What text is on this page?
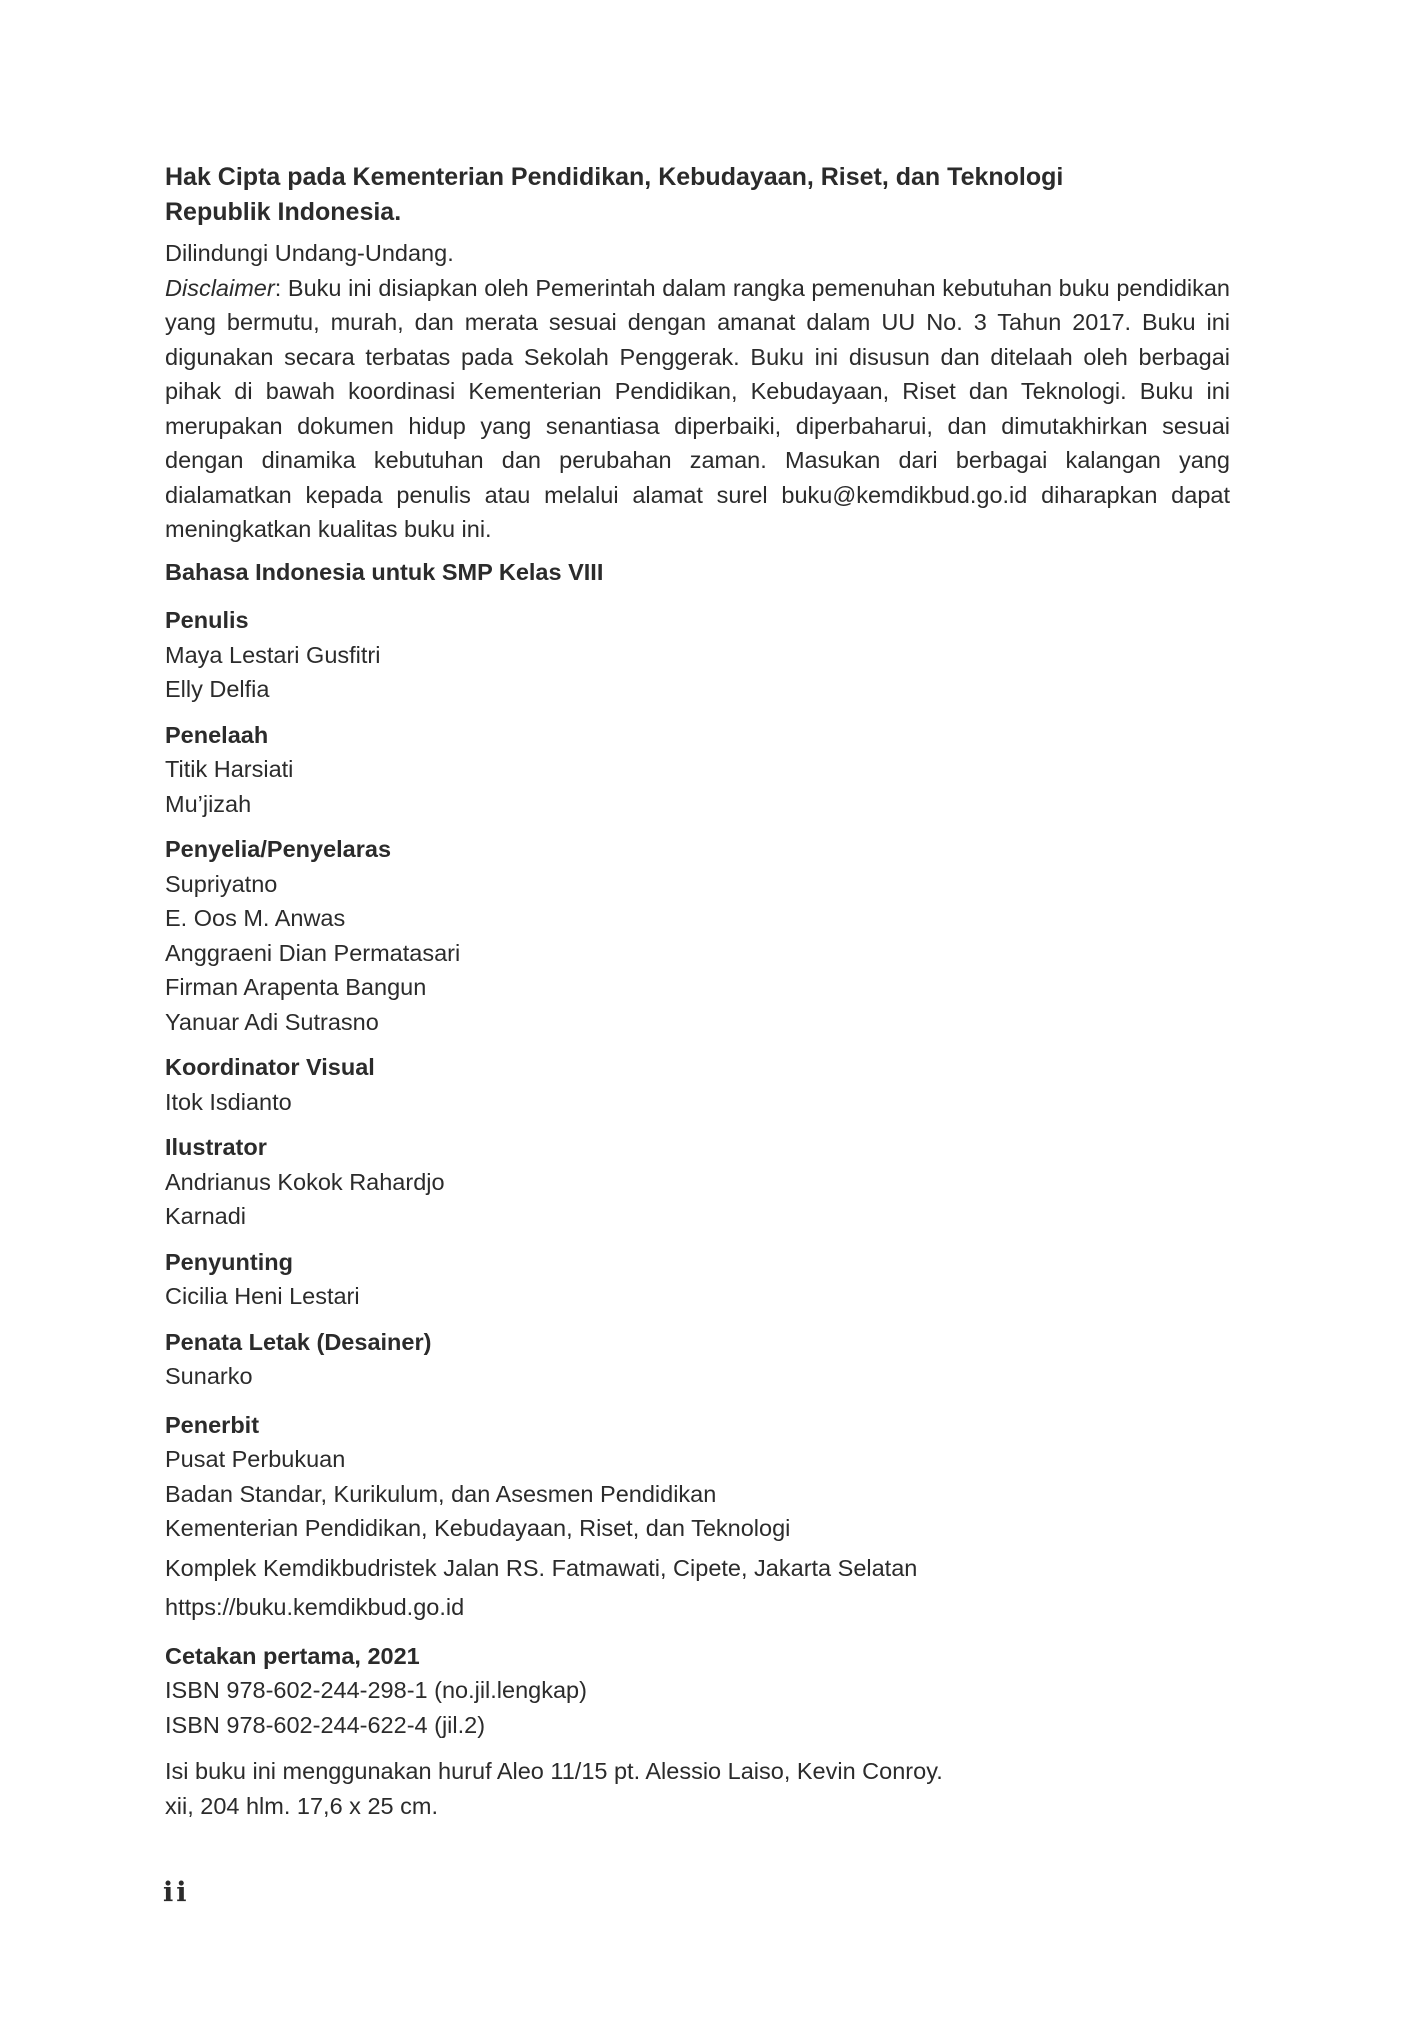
Hak Cipta pada Kementerian Pendidikan, Kebudayaan, Riset, dan Teknologi
Republik Indonesia.
Dilindungi Undang-Undang.
Disclaimer: Buku ini disiapkan oleh Pemerintah dalam rangka pemenuhan kebutuhan buku pendidikan yang bermutu, murah, dan merata sesuai dengan amanat dalam UU No. 3 Tahun 2017. Buku ini digunakan secara terbatas pada Sekolah Penggerak. Buku ini disusun dan ditelaah oleh berbagai pihak di bawah koordinasi Kementerian Pendidikan, Kebudayaan, Riset dan Teknologi. Buku ini merupakan dokumen hidup yang senantiasa diperbaiki, diperbaharui, dan dimutakhirkan sesuai dengan dinamika kebutuhan dan perubahan zaman. Masukan dari berbagai kalangan yang dialamatkan kepada penulis atau melalui alamat surel buku@kemdikbud.go.id diharapkan dapat meningkatkan kualitas buku ini.
Bahasa Indonesia untuk SMP Kelas VIII
Penulis
Maya Lestari Gusfitri
Elly Delfia
Penelaah
Titik Harsiati
Mu’jizah
Penyelia/Penyelaras
Supriyatno
E. Oos M. Anwas
Anggraeni Dian Permatasari
Firman Arapenta Bangun
Yanuar Adi Sutrasno
Koordinator Visual
Itok Isdianto
Ilustrator
Andrianus Kokok Rahardjo
Karnadi
Penyunting
Cicilia Heni Lestari
Penata Letak (Desainer)
Sunarko
Penerbit
Pusat Perbukuan
Badan Standar, Kurikulum, dan Asesmen Pendidikan
Kementerian Pendidikan, Kebudayaan, Riset, dan Teknologi
Komplek Kemdikbudristek Jalan RS. Fatmawati, Cipete, Jakarta Selatan
https://buku.kemdikbud.go.id
Cetakan pertama, 2021
ISBN 978-602-244-298-1 (no.jil.lengkap)
ISBN 978-602-244-622-4 (jil.2)
Isi buku ini menggunakan huruf Aleo 11/15 pt. Alessio Laiso, Kevin Conroy.
xii, 204 hlm. 17,6 x 25 cm.
ii
